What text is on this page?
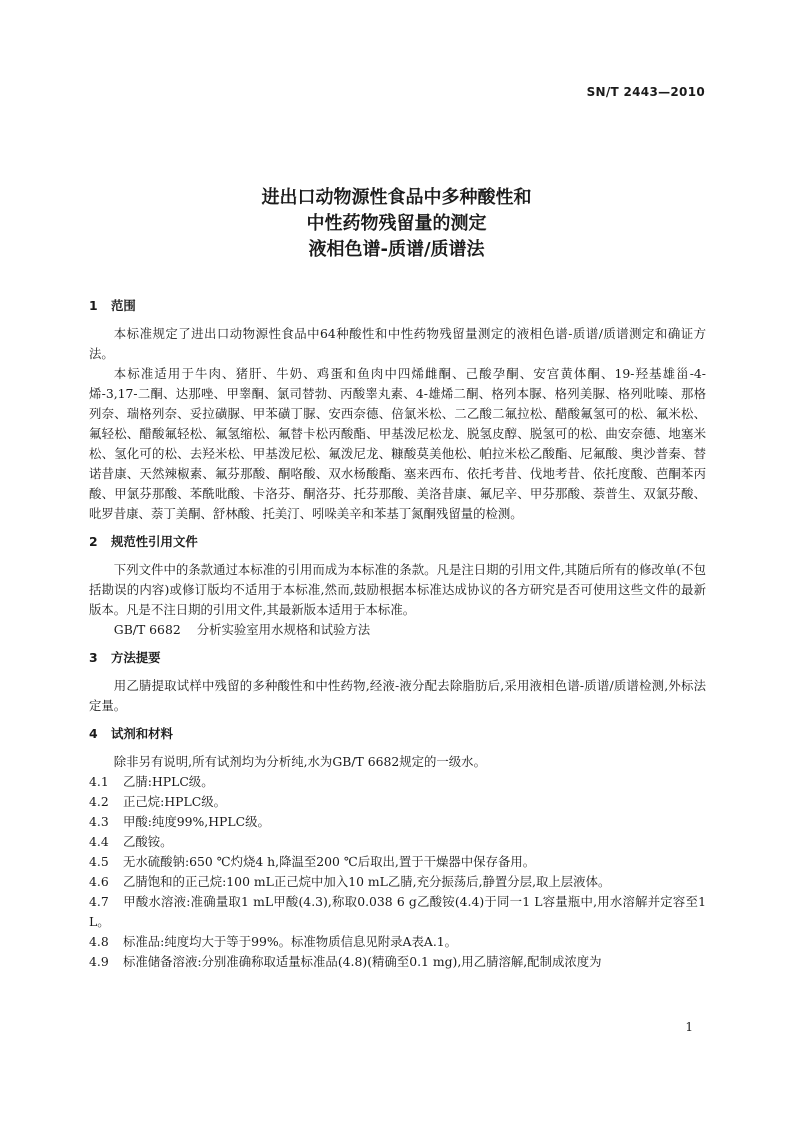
SN/T 2443—2010
进出口动物源性食品中多种酸性和
中性药物残留量的测定
液相色谱-质谱/质谱法
1 范围

本标准规定了进出口动物源性食品中64种酸性和中性药物残留量测定的液相色谱-质谱/质谱测定和确证方法。

本标准适用于牛肉、猪肝、牛奶、鸡蛋和鱼肉中四烯雌酮、己酸孕酮、安宫黄体酮、19-羟基雄甾-4-烯-3,17-二酮、达那唑、甲睾酮、氯司替勃、丙酸睾丸素、4-雄烯二酮、格列本脲、格列美脲、格列吡嗪、那格列奈、瑞格列奈、妥拉磺脲、甲苯磺丁脲、安西奈德、倍氯米松、二乙酸二氟拉松、醋酸氟氢可的松、氟米松、氟轻松、醋酸氟轻松、氟氢缩松、氟替卡松丙酸酯、甲基泼尼松龙、脱氢皮醇、脱氢可的松、曲安奈德、地塞米松、氢化可的松、去羟米松、甲基泼尼松、氟泼尼龙、糠酸莫美他松、帕拉米松乙酸酯、尼氟酸、奥沙普秦、替诺昔康、天然辣椒素、氟芬那酸、酮咯酸、双水杨酸酯、塞来西布、依托考昔、伐地考昔、依托度酸、芭酮苯丙酸、甲氯芬那酸、苯酰吡酸、卡洛芬、酮洛芬、托芬那酸、美洛昔康、氟尼辛、甲芬那酸、萘普生、双氯芬酸、吡罗昔康、萘丁美酮、舒林酸、托美汀、吲哚美辛和苯基丁氮酮残留量的检测。

2 规范性引用文件

下列文件中的条款通过本标准的引用而成为本标准的条款。凡是注日期的引用文件,其随后所有的修改单(不包括勘误的内容)或修订版均不适用于本标准,然而,鼓励根据本标准达成协议的各方研究是否可使用这些文件的最新版本。凡是不注日期的引用文件,其最新版本适用于本标准。

GB/T 6682 分析实验室用水规格和试验方法

3 方法提要

用乙腈提取试样中残留的多种酸性和中性药物,经液-液分配去除脂肪后,采用液相色谱-质谱/质谱检测,外标法定量。

4 试剂和材料

除非另有说明,所有试剂均为分析纯,水为GB/T 6682规定的一级水。

4.1 乙腈:HPLC级。

4.2 正己烷:HPLC级。

4.3 甲酸:纯度99%,HPLC级。

4.4 乙酸铵。

4.5 无水硫酸钠:650 ℃灼烧4 h,降温至200 ℃后取出,置于干燥器中保存备用。

4.6 乙腈饱和的正己烷:100 mL正己烷中加入10 mL乙腈,充分振荡后,静置分层,取上层液体。

4.7 甲酸水溶液:准确量取1 mL甲酸(4.3),称取0.038 6 g乙酸铵(4.4)于同一1 L容量瓶中,用水溶解并定容至1 L。

4.8 标准品:纯度均大于等于99%。标准物质信息见附录A表A.1。

4.9 标准储备溶液:分别准确称取适量标准品(4.8)(精确至0.1 mg),用乙腈溶解,配制成浓度为

1
